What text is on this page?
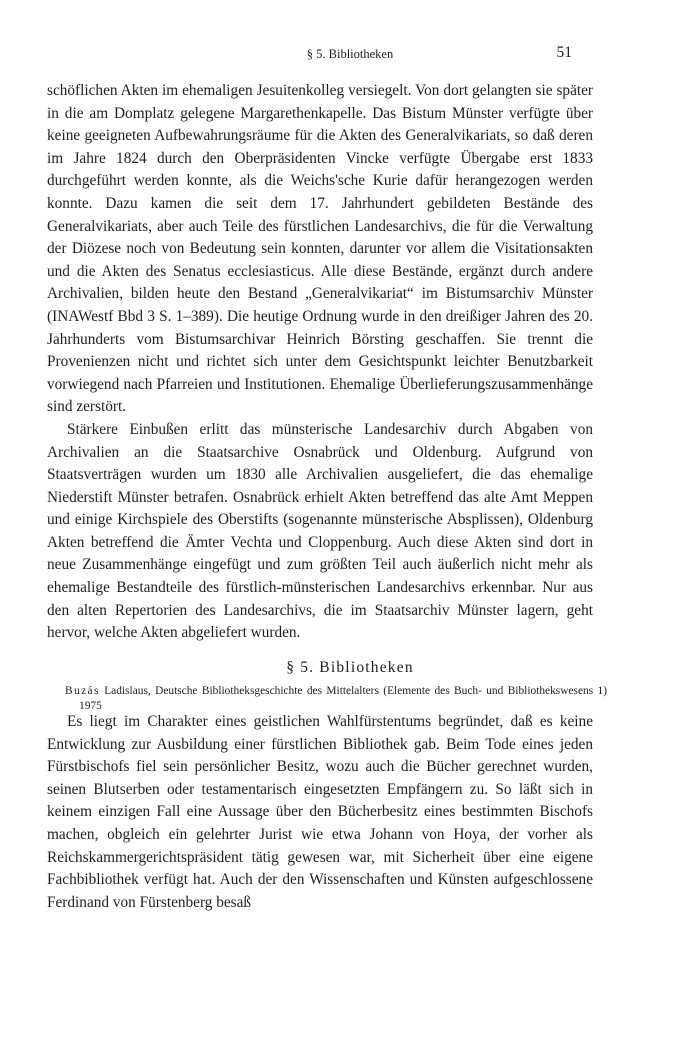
§ 5. Bibliotheken	51

schöflichen Akten im ehemaligen Jesuitenkolleg versiegelt. Von dort gelangten sie später in die am Domplatz gelegene Margarethenkapelle. Das Bistum Münster verfügte über keine geeigneten Aufbewahrungsräume für die Akten des Generalvikariats, so daß deren im Jahre 1824 durch den Oberpräsidenten Vincke verfügte Übergabe erst 1833 durchgeführt werden konnte, als die Weichs'sche Kurie dafür herangezogen werden konnte. Dazu kamen die seit dem 17. Jahrhundert gebildeten Bestände des Generalvikariats, aber auch Teile des fürstlichen Landesarchivs, die für die Verwaltung der Diözese noch von Bedeutung sein konnten, darunter vor allem die Visitationsakten und die Akten des Senatus ecclesiasticus. Alle diese Bestände, ergänzt durch andere Archivalien, bilden heute den Bestand „Generalvikariat“ im Bistumsarchiv Münster (INAWestf Bbd 3 S. 1–389). Die heutige Ordnung wurde in den dreißiger Jahren des 20. Jahrhunderts vom Bistumsarchivar Heinrich Börsting geschaffen. Sie trennt die Provenienzen nicht und richtet sich unter dem Gesichtspunkt leichter Benutzbarkeit vorwiegend nach Pfarreien und Institutionen. Ehemalige Überlieferungszusammenhänge sind zerstört.

Stärkere Einbußen erlitt das münsterische Landesarchiv durch Abgaben von Archivalien an die Staatsarchive Osnabrück und Oldenburg. Aufgrund von Staatsverträgen wurden um 1830 alle Archivalien ausgeliefert, die das ehemalige Niederstift Münster betrafen. Osnabrück erhielt Akten betreffend das alte Amt Meppen und einige Kirchspiele des Oberstifts (sogenannte münsterische Absplissen), Oldenburg Akten betreffend die Ämter Vechta und Cloppenburg. Auch diese Akten sind dort in neue Zusammenhänge eingefügt und zum größten Teil auch äußerlich nicht mehr als ehemalige Bestandteile des fürstlich-münsterischen Landesarchivs erkennbar. Nur aus den alten Repertorien des Landesarchivs, die im Staatsarchiv Münster lagern, geht hervor, welche Akten abgeliefert wurden.

§ 5. Bibliotheken
Buzás Ladislaus, Deutsche Bibliotheksgeschichte des Mittelalters (Elemente des Buch- und Bibliothekswesens 1) 1975

Es liegt im Charakter eines geistlichen Wahlfürstentums begründet, daß es keine Entwicklung zur Ausbildung einer fürstlichen Bibliothek gab. Beim Tode eines jeden Fürstbischofs fiel sein persönlicher Besitz, wozu auch die Bücher gerechnet wurden, seinen Blutserben oder testamentarisch eingesetzten Empfängern zu. So läßt sich in keinem einzigen Fall eine Aussage über den Bücherbesitz eines bestimmten Bischofs machen, obgleich ein gelehrter Jurist wie etwa Johann von Hoya, der vorher als Reichskammergerichtspräsident tätig gewesen war, mit Sicherheit über eine eigene Fachbibliothek verfügt hat. Auch der den Wissenschaften und Künsten aufgeschlossene Ferdinand von Fürstenberg besaß
